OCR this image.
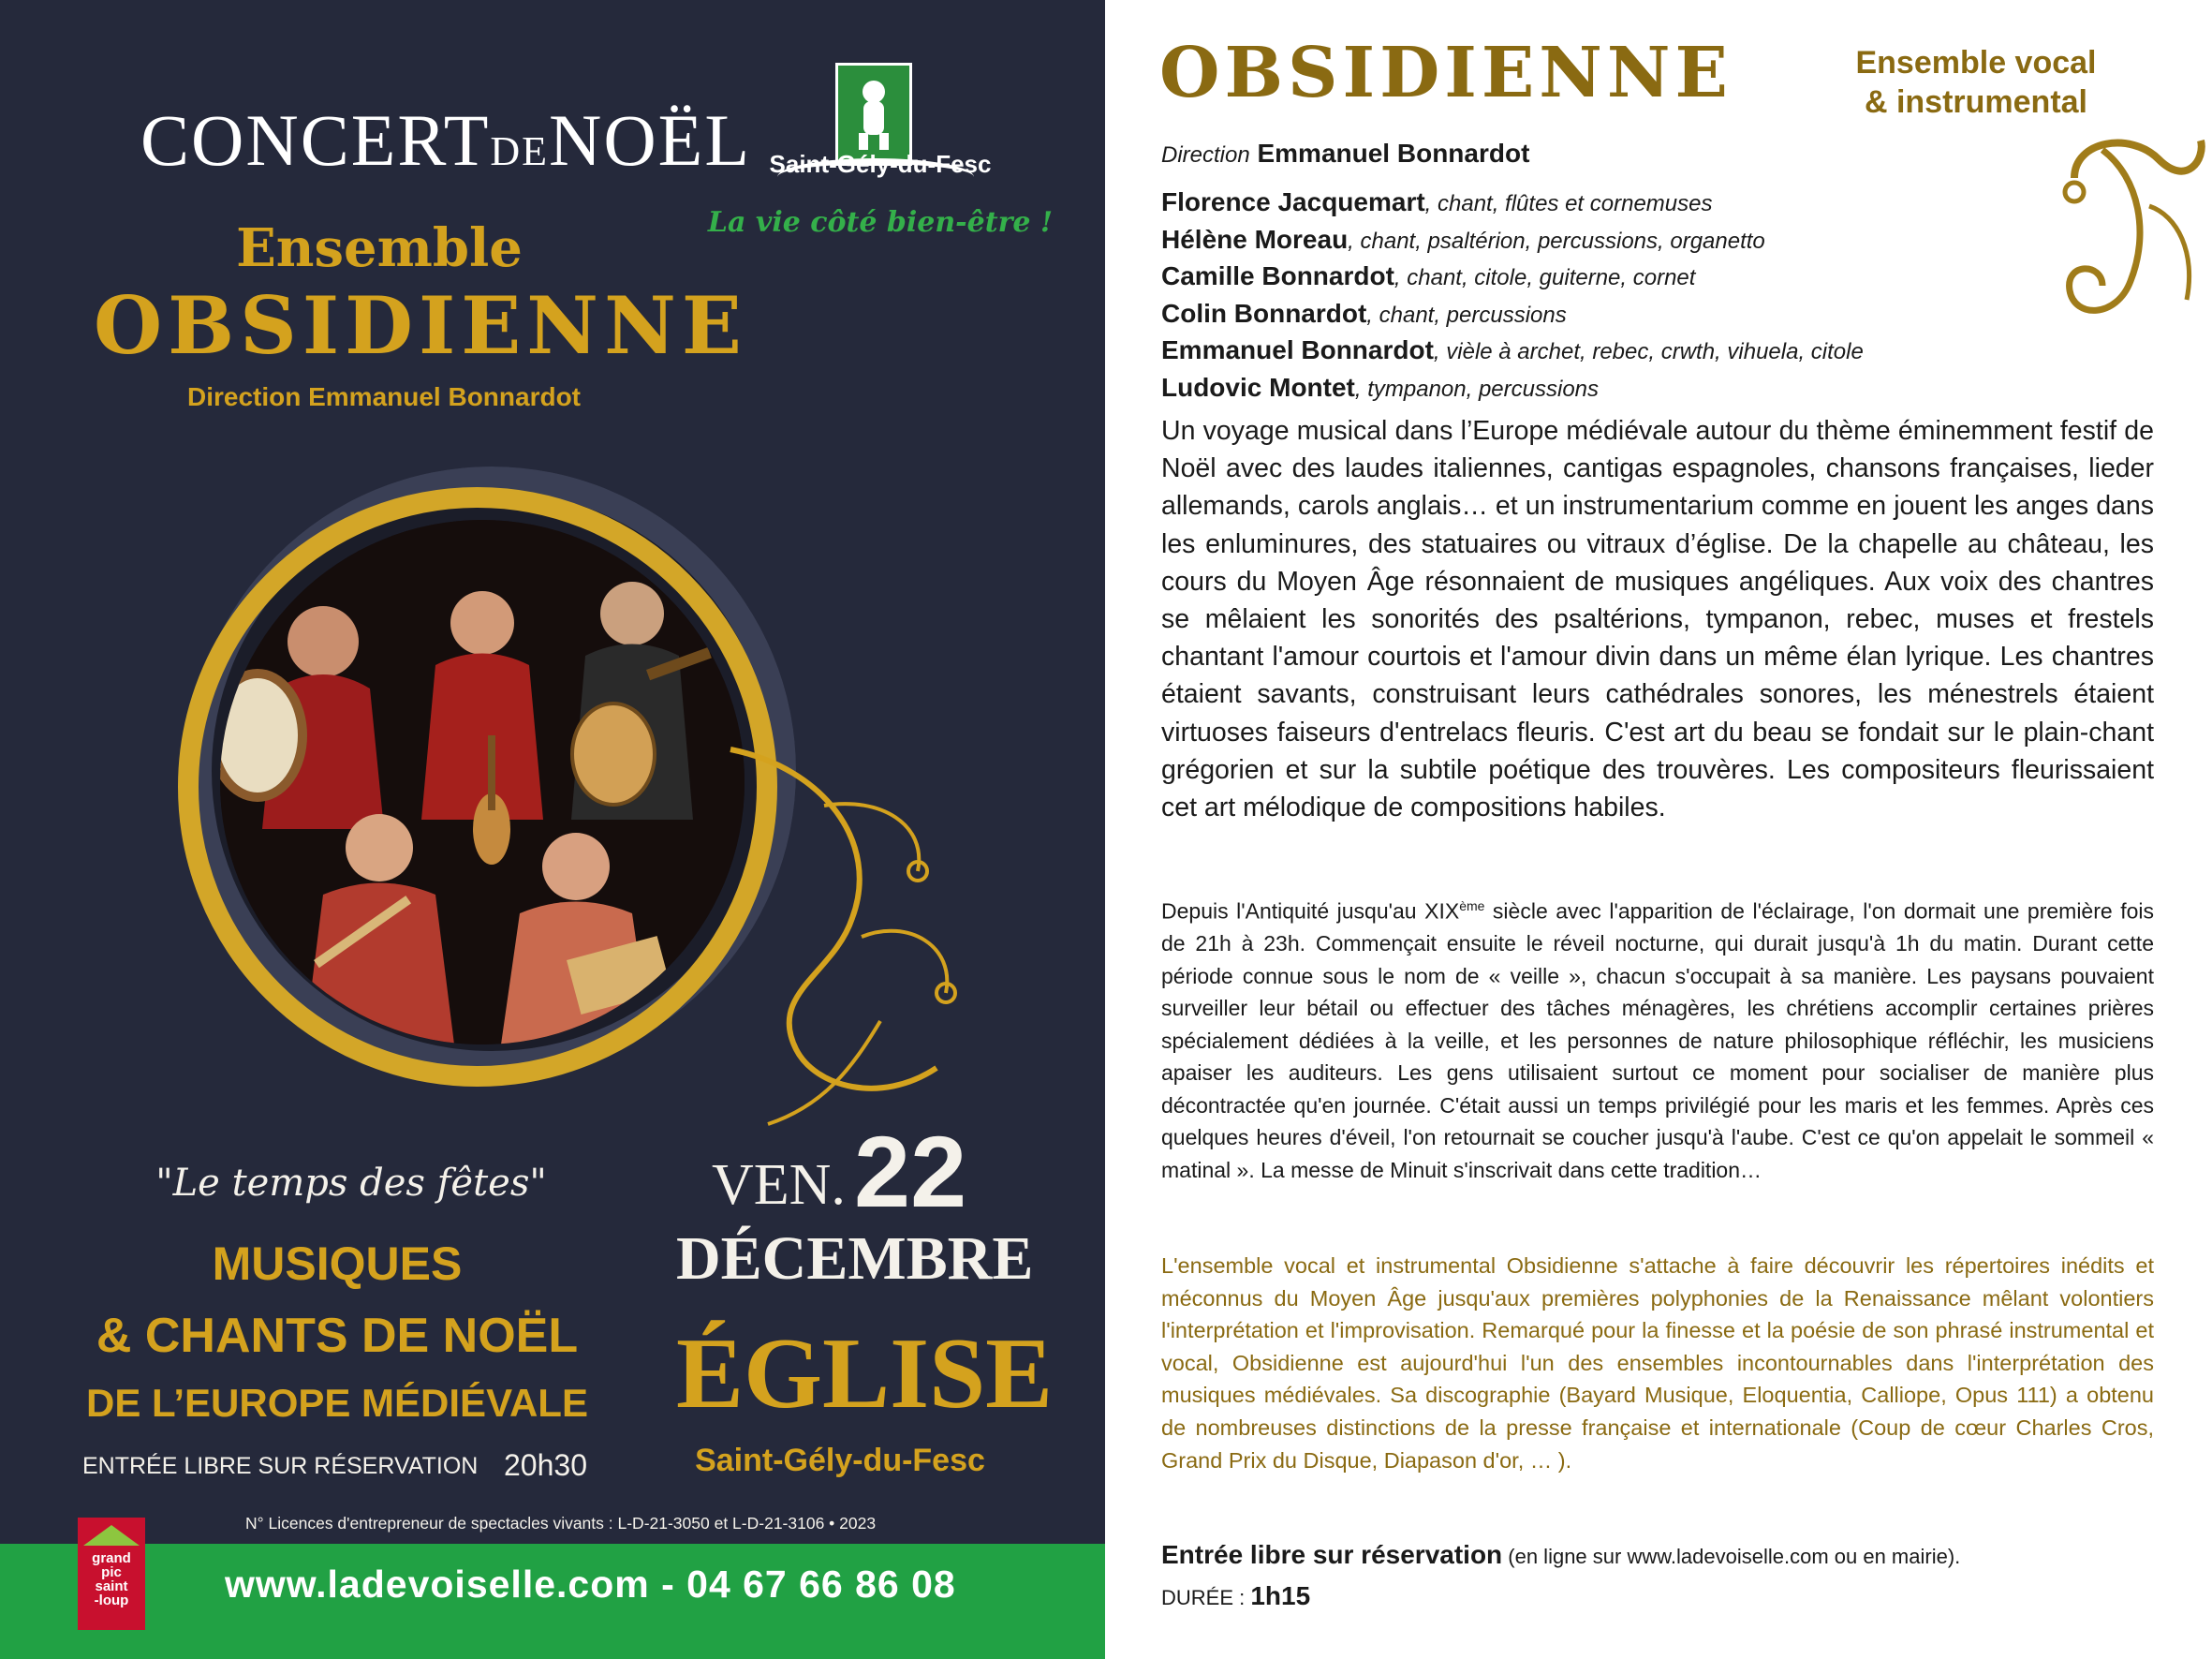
CONCERTDENOËL Saint-Gély-du-Fesc
La vie côté bien-être !
Ensemble
OBSIDIENNE
Direction Emmanuel Bonnardot
"Le temps des fêtes"
MUSIQUES
& CHANTS DE NOËL
DE L’EUROPE MÉDIÉVALE
ENTRÉE LIBRE SUR RÉSERVATION 20h30
VEN. 22
DÉCEMBRE
ÉGLISE
Saint-Gély-du-Fesc
N° Licences d'entrepreneur de spectacles vivants : L-D-21-3050 et L-D-21-3106 • 2023
www.ladevoiselle.com - 04 67 66 86 08
grand
pic
saint
-loup
OBSIDIENNE	Ensemble vocal
& instrumental
Direction Emmanuel Bonnardot
Florence Jacquemart, chant, flûtes et cornemuses
Hélène Moreau, chant, psaltérion, percussions, organetto
Camille Bonnardot, chant, citole, guiterne, cornet
Colin Bonnardot, chant, percussions
Emmanuel Bonnardot, vièle à archet, rebec, crwth, vihuela, citole
Ludovic Montet, tympanon, percussions
Un voyage musical dans l’Europe médiévale autour du thème éminemment festif de Noël avec des laudes italiennes, cantigas espagnoles, chansons françaises, lieder allemands, carols anglais… et un instrumentarium comme en jouent les anges dans les enluminures, des statuaires ou vitraux d’église. De la chapelle au château, les cours du Moyen Âge résonnaient de musiques angéliques. Aux voix des chantres se mêlaient les sonorités des psaltérions, tympanon, rebec, muses et frestels chantant l'amour courtois et l'amour divin dans un même élan lyrique. Les chantres étaient savants, construisant leurs cathédrales sonores, les ménestrels étaient virtuoses faiseurs d'entrelacs fleuris. C'est art du beau se fondait sur le plain-chant grégorien et sur la subtile poétique des trouvères. Les compositeurs fleurissaient cet art mélodique de compositions habiles.
Depuis l'Antiquité jusqu'au XIXème siècle avec l'apparition de l'éclairage, l'on dormait une première fois de 21h à 23h. Commençait ensuite le réveil nocturne, qui durait jusqu'à 1h du matin. Durant cette période connue sous le nom de « veille », chacun s'occupait à sa manière. Les paysans pouvaient surveiller leur bétail ou effectuer des tâches ménagères, les chrétiens accomplir certaines prières spécialement dédiées à la veille, et les personnes de nature philosophique réfléchir, les musiciens apaiser les auditeurs. Les gens utilisaient surtout ce moment pour socialiser de manière plus décontractée qu'en journée. C'était aussi un temps privilégié pour les maris et les femmes. Après ces quelques heures d'éveil, l'on retournait se coucher jusqu'à l'aube. C'est ce qu'on appelait le sommeil « matinal ». La messe de Minuit s'inscrivait dans cette tradition…
L'ensemble vocal et instrumental Obsidienne s'attache à faire découvrir les répertoires inédits et méconnus du Moyen Âge jusqu'aux premières polyphonies de la Renaissance mêlant volontiers l'interprétation et l'improvisation. Remarqué pour la finesse et la poésie de son phrasé instrumental et vocal, Obsidienne est aujourd'hui l'un des ensembles incontournables dans l'interprétation des musiques médiévales. Sa discographie (Bayard Musique, Eloquentia, Calliope, Opus 111) a obtenu de nombreuses distinctions de la presse française et internationale (Coup de cœur Charles Cros, Grand Prix du Disque, Diapason d'or, … ).
Entrée libre sur réservation (en ligne sur www.ladevoiselle.com ou en mairie).
DURÉE : 1h15
